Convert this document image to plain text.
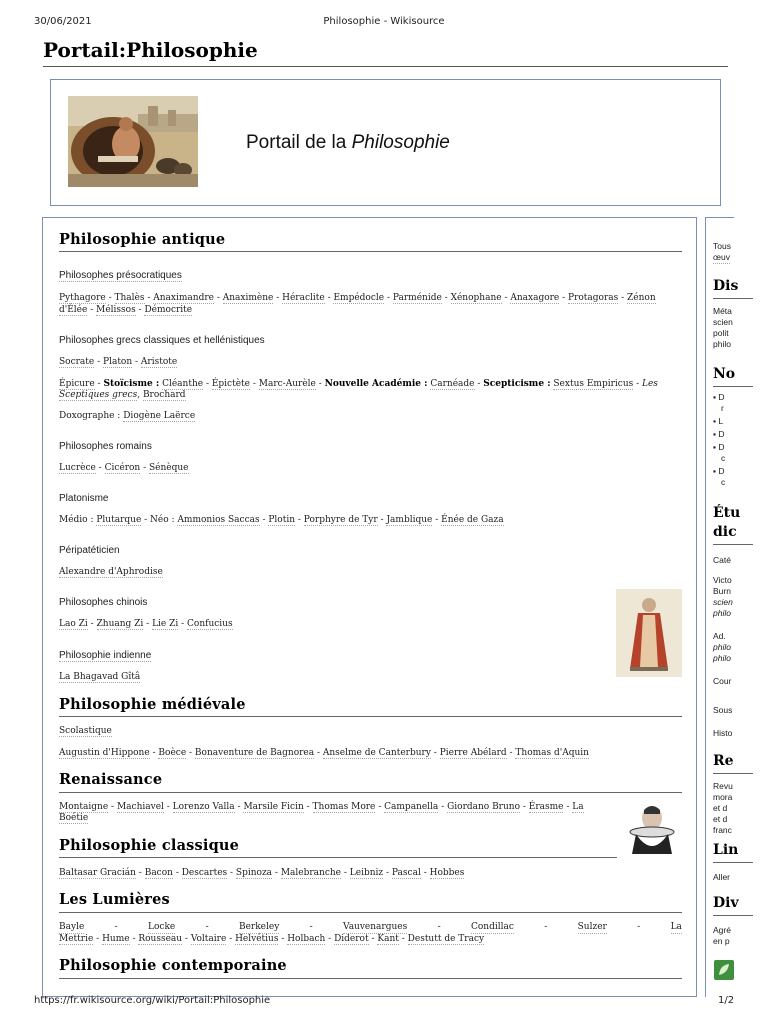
30/06/2021	Philosophie - Wikisource
Portail:Philosophie
Portail de la Philosophie
Philosophie antique
Philosophes présocratiques
Pythagore - Thalès - Anaximandre - Anaximène - Héraclite - Empédocle - Parménide - Xénophane - Anaxagore - Protagoras - Zénon
d'Élée - Mélissos - Démocrite
Philosophes grecs classiques et hellénistiques
Socrate - Platon - Aristote
Épicure - Stoïcisme : Cléanthe - Épictète - Marc-Aurèle - Nouvelle Académie : Carnéade - Scepticisme : Sextus Empiricus - Les
Sceptiques grecs, Brochard
Doxographe : Diogène Laërce
Philosophes romains
Lucrèce - Cicéron - Sénèque
Platonisme
Médio : Plutarque - Néo : Ammonios Saccas - Plotin - Porphyre de Tyr - Jamblique - Énée de Gaza
Péripatéticien
Alexandre d'Aphrodise
Philosophes chinois
Lao Zi - Zhuang Zi - Lie Zi - Confucius
Philosophie indienne
La Bhagavad Gîtâ
Philosophie médiévale
Scolastique
Augustin d'Hippone - Boèce - Bonaventure de Bagnorea - Anselme de Canterbury - Pierre Abélard - Thomas d'Aquin
Renaissance
Montaigne - Machiavel - Lorenzo Valla - Marsile Ficin - Thomas More - Campanella - Giordano Bruno - Érasme - La
Boétie
Philosophie classique
Baltasar Gracián - Bacon - Descartes - Spinoza - Malebranche - Leibniz - Pascal - Hobbes
Les Lumières
Bayle	-	Locke	-	Berkeley	-	Vauvenargues	-	Condillac	-	Sulzer	-	La
Mettrie - Hume - Rousseau - Voltaire - Helvétius - Holbach - Diderot - Kant - Destutt de Tracy
Philosophie contemporaine
Tous
œuv
Dis
Méta
scien
polit
philo
No
▪ D
r
▪ L
▪ D
▪ D
c
▪ D
c
Étu
dic
Caté
Victo
Burn
scien
philo
Ad.
philo
philo
Cour
Sous
Histo
Re
Revu
mora
et d
et d
franc
Lin
Aller
Div
Agré
en p
https://fr.wikisource.org/wiki/Portail:Philosophie	1/2
